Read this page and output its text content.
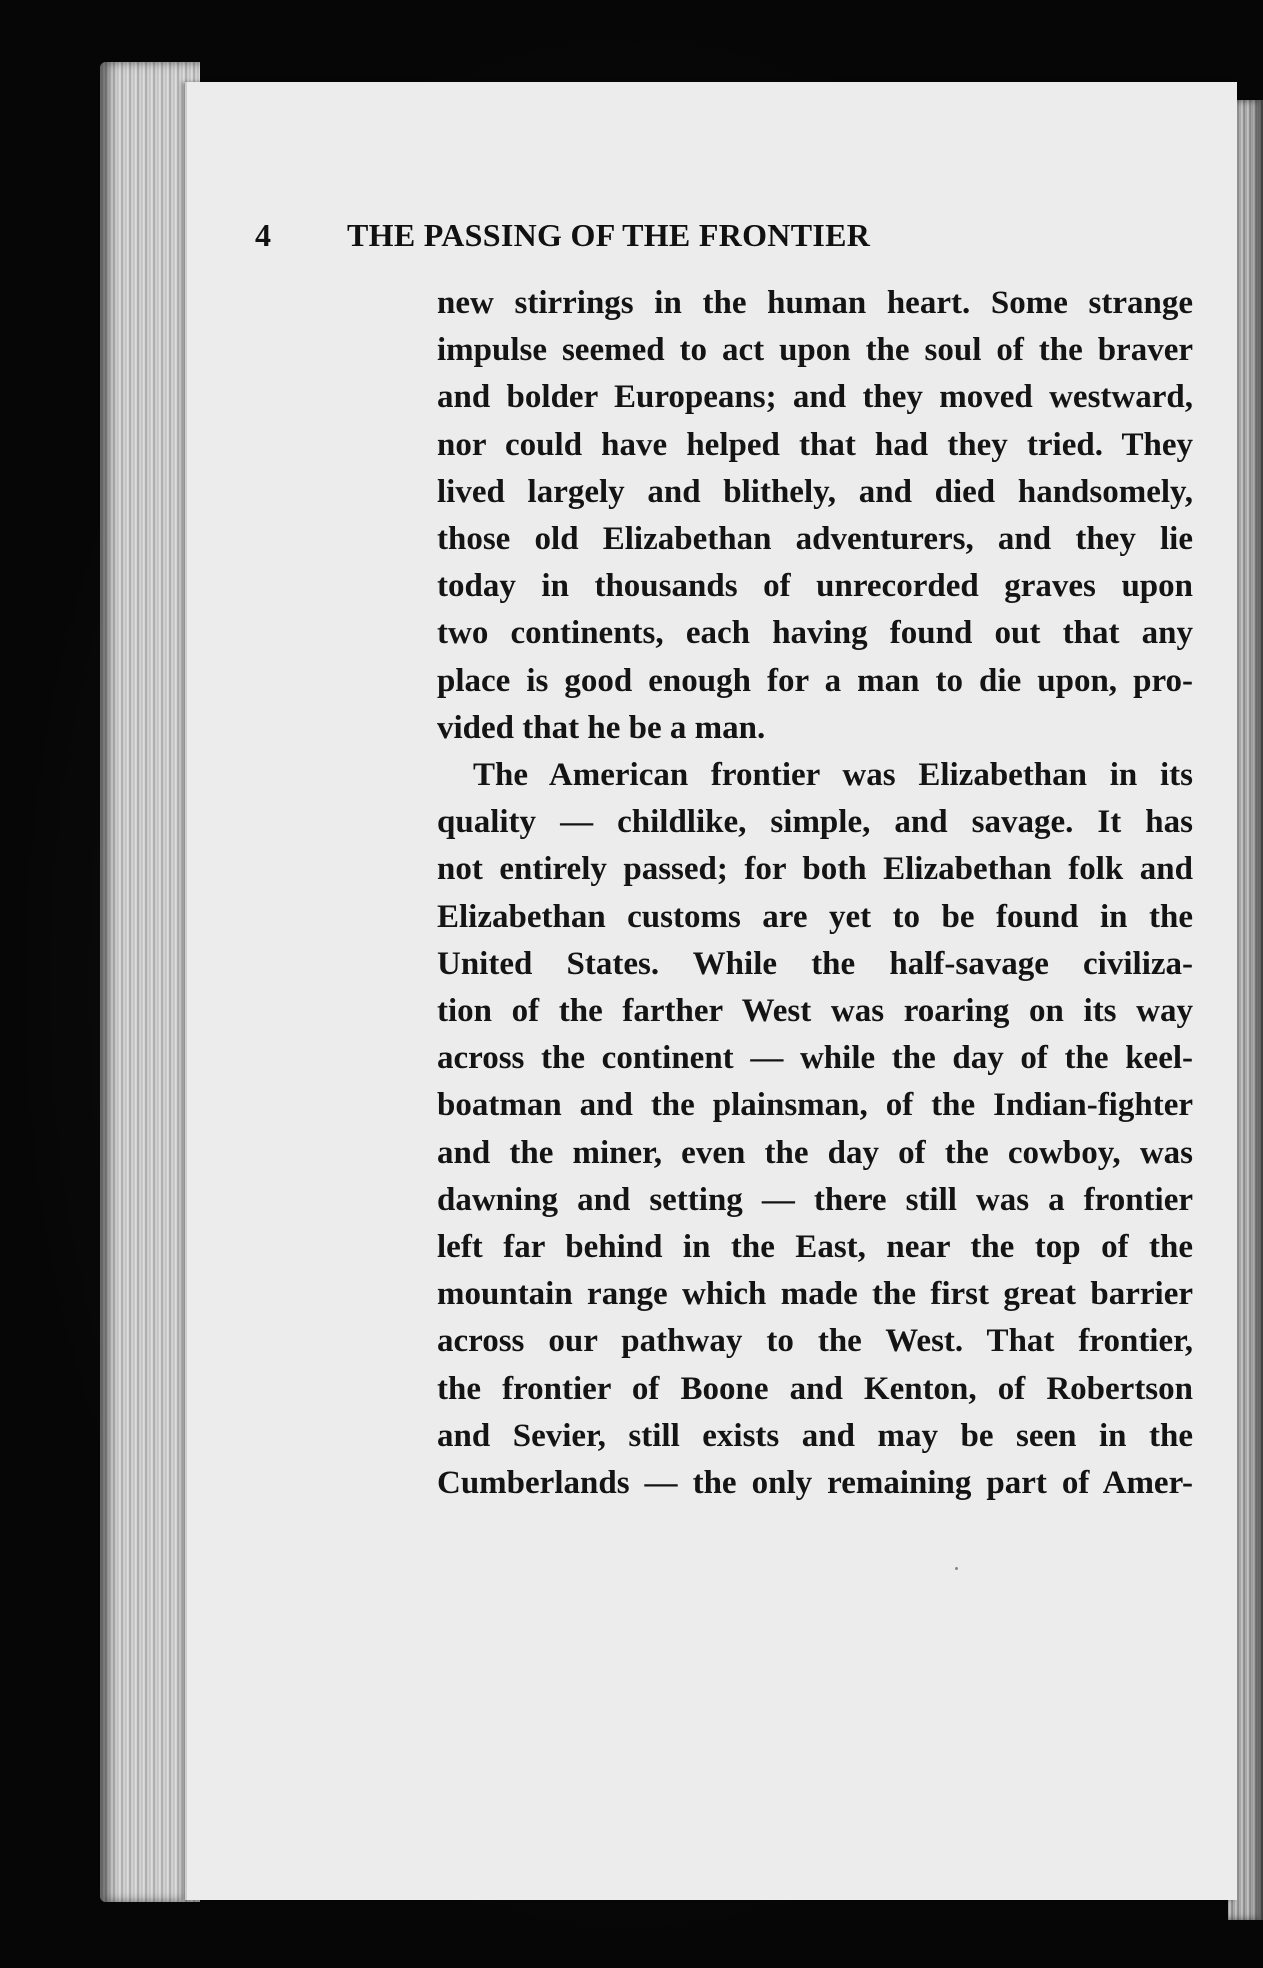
4 THE PASSING OF THE FRONTIER
new stirrings in the human heart. Some strange
impulse seemed to act upon the soul of the braver
and bolder Europeans; and they moved westward,
nor could have helped that had they tried. They
lived largely and blithely, and died handsomely,
those old Elizabethan adventurers, and they lie
today in thousands of unrecorded graves upon
two continents, each having found out that any
place is good enough for a man to die upon, pro-
vided that he be a man.
The American frontier was Elizabethan in its
quality — childlike, simple, and savage. It has
not entirely passed; for both Elizabethan folk and
Elizabethan customs are yet to be found in the
United States. While the half-savage civiliza-
tion of the farther West was roaring on its way
across the continent — while the day of the keel-
boatman and the plainsman, of the Indian-fighter
and the miner, even the day of the cowboy, was
dawning and setting — there still was a frontier
left far behind in the East, near the top of the
mountain range which made the first great barrier
across our pathway to the West. That frontier,
the frontier of Boone and Kenton, of Robertson
and Sevier, still exists and may be seen in the
Cumberlands — the only remaining part of Amer-
